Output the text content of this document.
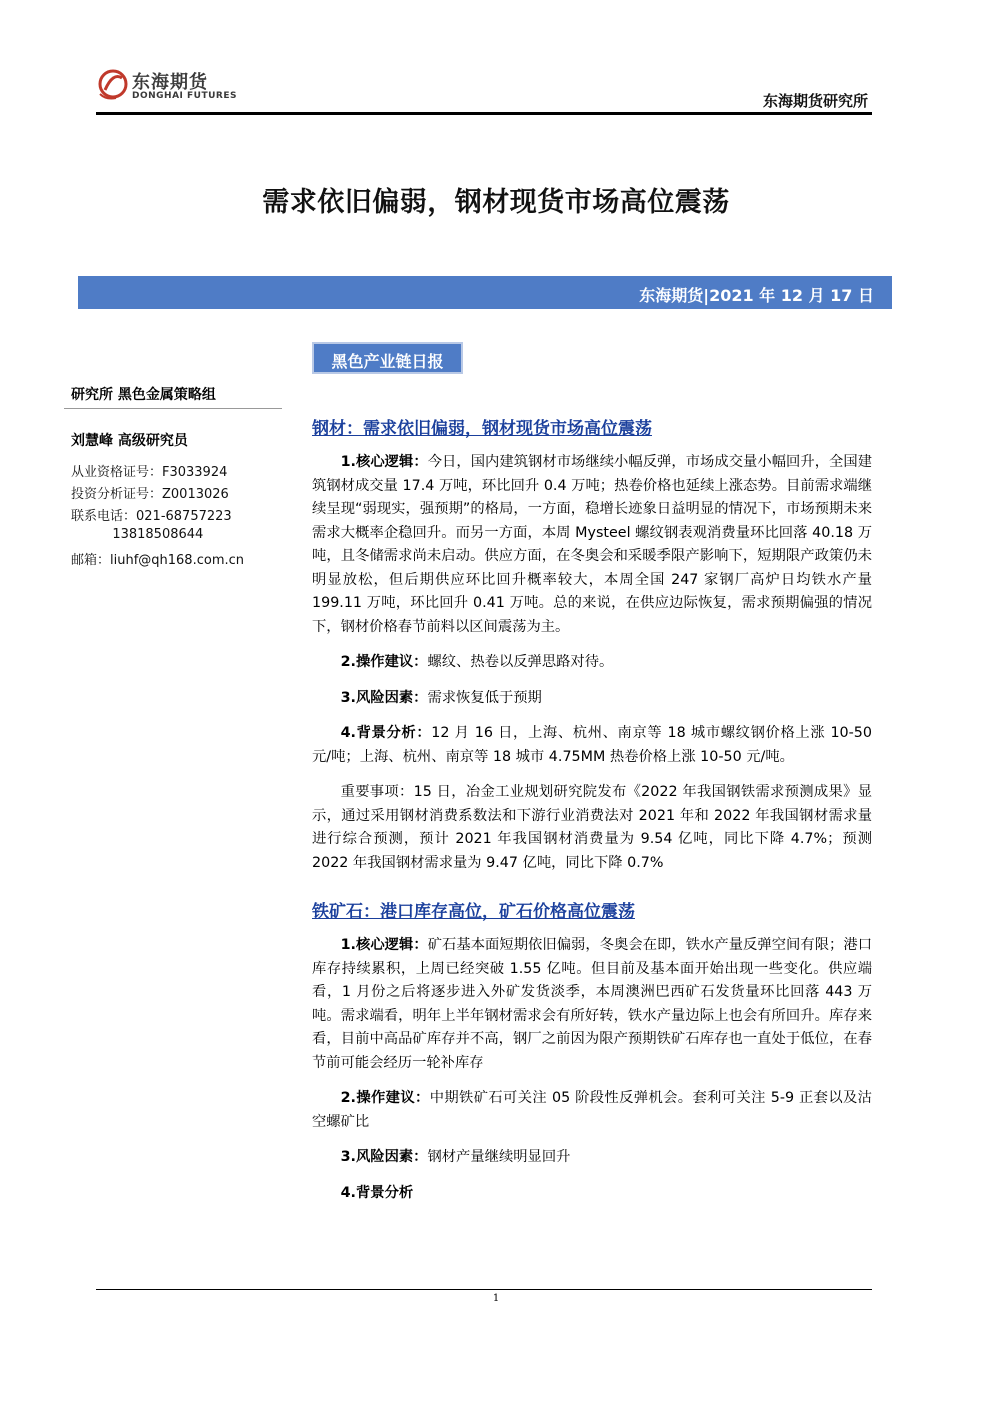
东海期货
DONGHAI FUTURES	东海期货研究所
需求依旧偏弱，钢材现货市场高位震荡
东海期货|2021 年 12 月 17 日
黑色产业链日报
研究所 黑色金属策略组
刘慧峰 高级研究员
从业资格证号：F3033924
投资分析证号：Z0013026
联系电话：021-68757223
13818508644
邮箱：liuhf@qh168.com.cn
钢材：需求依旧偏弱，钢材现货市场高位震荡

1.核心逻辑：今日，国内建筑钢材市场继续小幅反弹，市场成交量小幅回升，全国建筑钢材成交量 17.4 万吨，环比回升 0.4 万吨；热卷价格也延续上涨态势。目前需求端继续呈现“弱现实，强预期”的格局，一方面，稳增长迹象日益明显的情况下，市场预期未来需求大概率企稳回升。而另一方面，本周 Mysteel 螺纹钢表观消费量环比回落 40.18 万吨，且冬储需求尚未启动。供应方面，在冬奥会和采暖季限产影响下，短期限产政策仍未明显放松，但后期供应环比回升概率较大，本周全国 247 家钢厂高炉日均铁水产量 199.11 万吨，环比回升 0.41 万吨。总的来说，在供应边际恢复，需求预期偏强的情况下，钢材价格春节前料以区间震荡为主。

2.操作建议：螺纹、热卷以反弹思路对待。

3.风险因素：需求恢复低于预期

4.背景分析：12 月 16 日，上海、杭州、南京等 18 城市螺纹钢价格上涨 10-50 元/吨；上海、杭州、南京等 18 城市 4.75MM 热卷价格上涨 10-50 元/吨。

重要事项：15 日，冶金工业规划研究院发布《2022 年我国钢铁需求预测成果》显示，通过采用钢材消费系数法和下游行业消费法对 2021 年和 2022 年我国钢材需求量进行综合预测，预计 2021 年我国钢材消费量为 9.54 亿吨，同比下降 4.7%；预测 2022 年我国钢材需求量为 9.47 亿吨，同比下降 0.7%

铁矿石：港口库存高位，矿石价格高位震荡

1.核心逻辑：矿石基本面短期依旧偏弱，冬奥会在即，铁水产量反弹空间有限；港口库存持续累积，上周已经突破 1.55 亿吨。但目前及基本面开始出现一些变化。供应端看，1 月份之后将逐步进入外矿发货淡季，本周澳洲巴西矿石发货量环比回落 443 万吨。需求端看，明年上半年钢材需求会有所好转，铁水产量边际上也会有所回升。库存来看，目前中高品矿库存并不高，钢厂之前因为限产预期铁矿石库存也一直处于低位，在春节前可能会经历一轮补库存

2.操作建议：中期铁矿石可关注 05 阶段性反弹机会。套利可关注 5-9 正套以及沽空螺矿比

3.风险因素：钢材产量继续明显回升

4.背景分析

1
